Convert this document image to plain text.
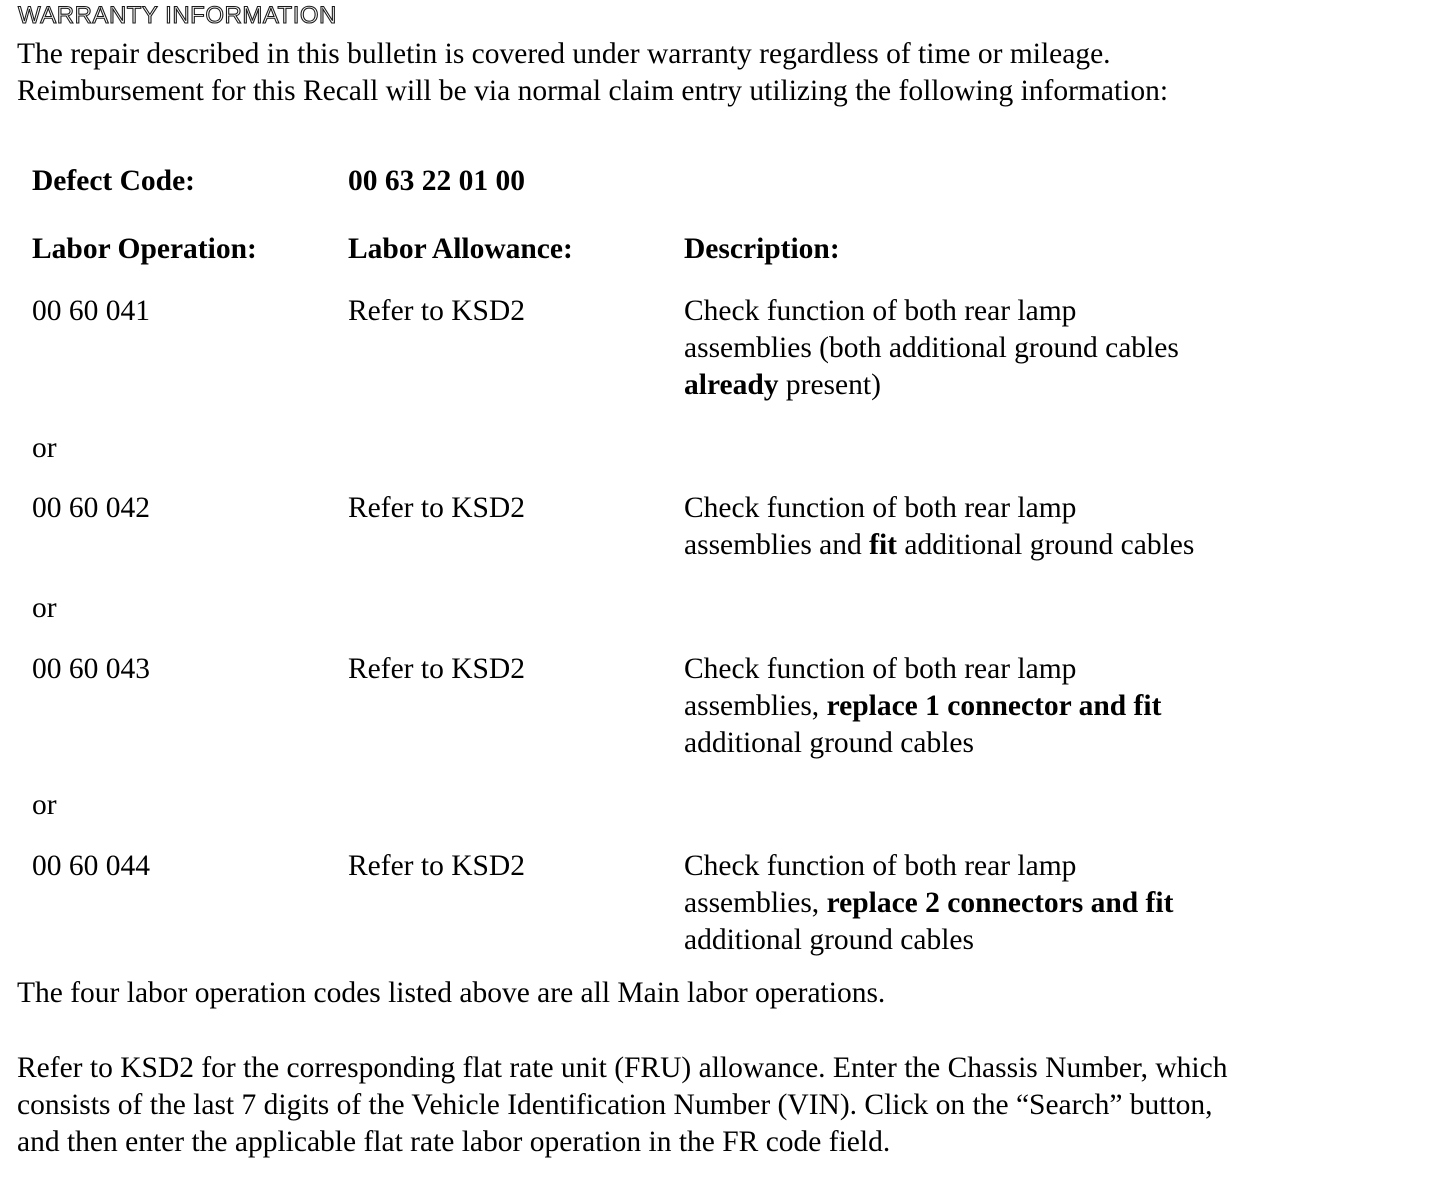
WARRANTY INFORMATION
The repair described in this bulletin is covered under warranty regardless of time or mileage.
Reimbursement for this Recall will be via normal claim entry utilizing the following information:
Defect Code:	00 63 22 01 00
Labor Operation:	Labor Allowance:	Description:
00 60 041	Refer to KSD2	Check function of both rear lamp
assemblies (both additional ground cables
already present)
or
00 60 042	Refer to KSD2	Check function of both rear lamp
assemblies and fit additional ground cables
or
00 60 043	Refer to KSD2	Check function of both rear lamp
assemblies, replace 1 connector and fit
additional ground cables
or
00 60 044	Refer to KSD2	Check function of both rear lamp
assemblies, replace 2 connectors and fit
additional ground cables
The four labor operation codes listed above are all Main labor operations.
Refer to KSD2 for the corresponding flat rate unit (FRU) allowance. Enter the Chassis Number, which
consists of the last 7 digits of the Vehicle Identification Number (VIN). Click on the “Search” button,
and then enter the applicable flat rate labor operation in the FR code field.
